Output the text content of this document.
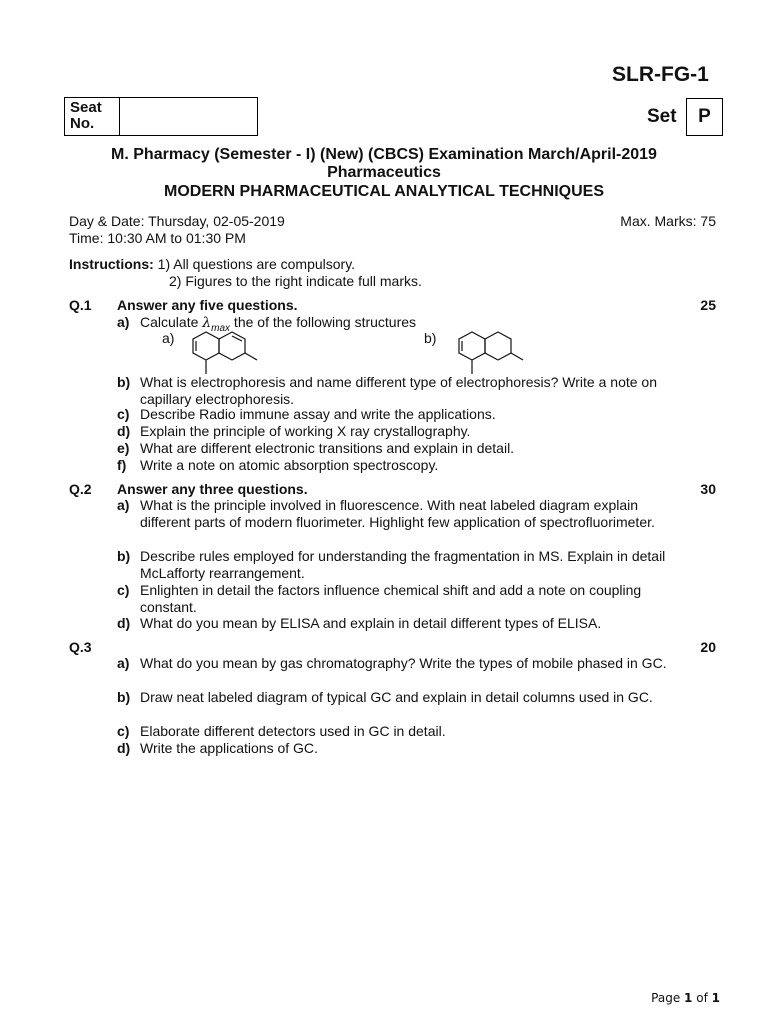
SLR-FG-1
Seat No.	Set	P
M. Pharmacy (Semester - I) (New) (CBCS) Examination March/April-2019
Pharmaceutics
MODERN PHARMACEUTICAL ANALYTICAL TECHNIQUES
Day & Date: Thursday, 02-05-2019	Max. Marks: 75
Time: 10:30 AM to 01:30 PM
Instructions: 1) All questions are compulsory.
2) Figures to the right indicate full marks.
Q.1 Answer any five questions.	25
a) Calculate $\lambda_{max}$ the of the following structures
a)	b)
b) What is electrophoresis and name different type of electrophoresis? Write a note on capillary electrophoresis.
c) Describe Radio immune assay and write the applications.
d) Explain the principle of working X ray crystallography.
e) What are different electronic transitions and explain in detail.
f) Write a note on atomic absorption spectroscopy.
Q.2 Answer any three questions.	30
a) What is the principle involved in fluorescence. With neat labeled diagram explain different parts of modern fluorimeter. Highlight few application of spectrofluorimeter.
b) Describe rules employed for understanding the fragmentation in MS. Explain in detail McLafforty rearrangement.
c) Enlighten in detail the factors influence chemical shift and add a note on coupling constant.
d) What do you mean by ELISA and explain in detail different types of ELISA.
Q.3	20
a) What do you mean by gas chromatography? Write the types of mobile phased in GC.
b) Draw neat labeled diagram of typical GC and explain in detail columns used in GC.
c) Elaborate different detectors used in GC in detail.
d) Write the applications of GC.
Page 1 of 1
